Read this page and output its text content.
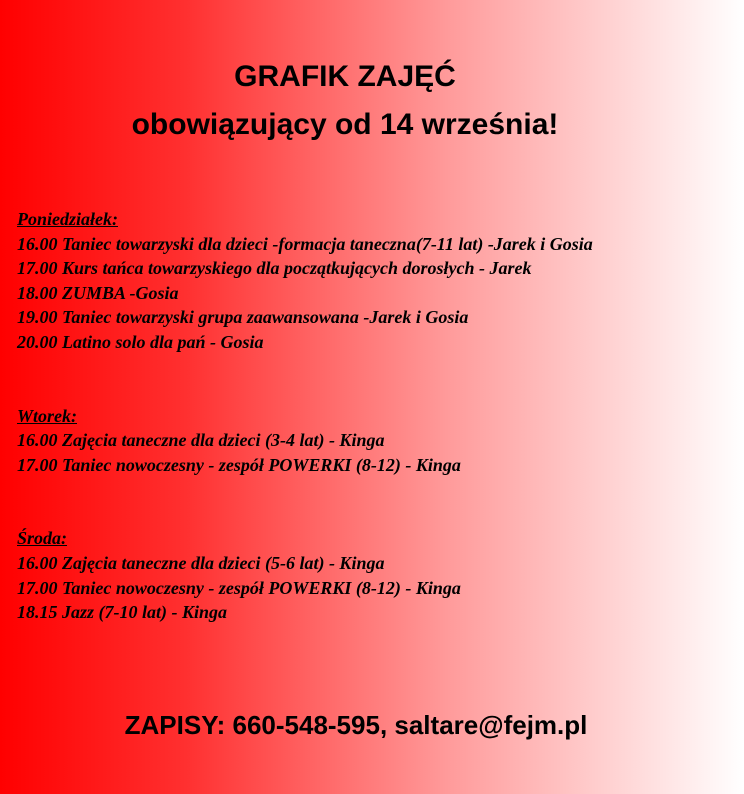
GRAFIK ZAJĘĆ
obowiązujący od 14 września!
Poniedziałek:
16.00 Taniec towarzyski dla dzieci -formacja taneczna(7-11 lat) -Jarek i Gosia
17.00 Kurs tańca towarzyskiego dla początkujących dorosłych - Jarek
18.00 ZUMBA -Gosia
19.00 Taniec towarzyski grupa zaawansowana -Jarek i Gosia
20.00 Latino solo dla pań - Gosia
Wtorek:
16.00 Zajęcia taneczne dla dzieci (3-4 lat) - Kinga
17.00 Taniec nowoczesny - zespół POWERKI (8-12) - Kinga
Środa:
16.00 Zajęcia taneczne dla dzieci (5-6 lat) - Kinga
17.00 Taniec nowoczesny - zespół POWERKI (8-12) - Kinga
18.15 Jazz (7-10 lat) - Kinga
ZAPISY: 660-548-595, saltare@fejm.pl
